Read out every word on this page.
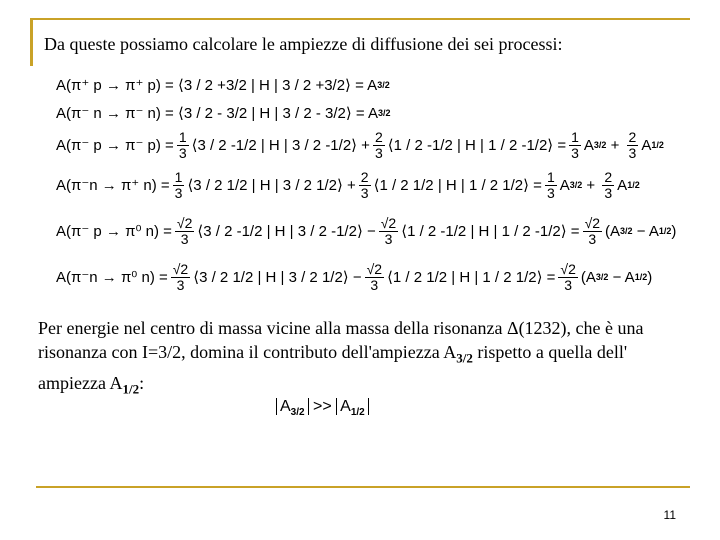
Da queste possiamo calcolare le ampiezze di diffusione dei sei processi:
A( π⁺ p → π⁺ p) = ⟨3 / 2 +3/2 | H | 3 / 2 +3/2⟩ = A 3/2
A( π⁻ n → π⁻ n) = ⟨3 / 2 - 3/2 | H | 3 / 2 - 3/2⟩ = A 3/2
A( π⁻ p → π⁻ $p) = \frac{1}{3}$ ⟨3 / 2 -1/2 | H | 3 / 2 -1/2⟩ + $\frac{2}{3}$ ⟨1 / 2 -1/2 | H | 1 / 2 -1/2⟩ = $\frac{1}{3}$ A $3/2 + \frac{2}{3}$ A 1/2
A( π⁻n → π⁺ $n) = \frac{1}{3}$ ⟨3 / 2 1/2 | H | 3 / 2 1/2⟩ + $\frac{2}{3}$ ⟨1 / 2 1/2 | H | 1 / 2 1/2⟩ = $\frac{1}{3}$ A $3/2 + \frac{2}{3}$ A 1/2
A( π⁻ p → π⁰ $n) = \frac{√2}{3}$ ⟨3 / 2 -1/2 | H | 3 / 2 -1/2⟩ − $\frac{√2}{3}$ ⟨1 / 2 -1/2 | H | 1 / 2 -1/2⟩ = $\frac{√2}{3} (A$ 3/2 − A 1/2 )
A( π⁻n → π⁰ $n) = \frac{√2}{3}$ ⟨3 / 2 1/2 | H | 3 / 2 1/2⟩ − $\frac{√2}{3}$ ⟨1 / 2 1/2 | H | 1 / 2 1/2⟩ = $\frac{√2}{3} (A$ 3/2 − A 1/2 )
Per energie nel centro di massa vicine alla massa della risonanza Δ(1232), che è una risonanza con I=3/2, domina il contributo dell'ampiezza $A_{3/2}$ rispetto a quella dell' ampiezza $A_{1/2}$:
$A_{3/2} >> A_{1/2}$
11
